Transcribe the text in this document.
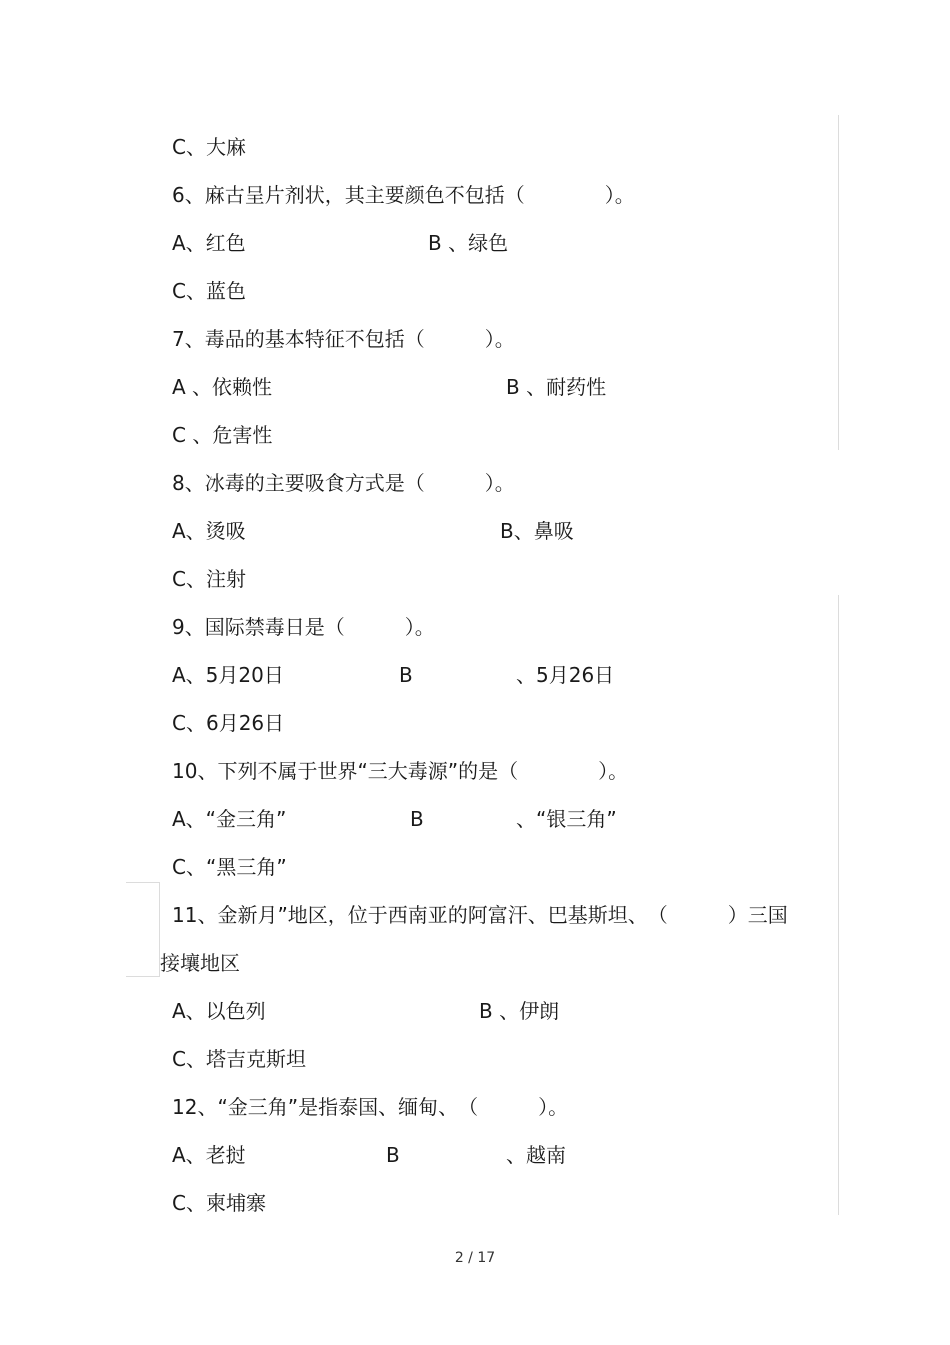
C、大麻
6、麻古呈片剂状，其主要颜色不包括（　　　　）。
A、红色	B 、绿色
C、蓝色
7、毒品的基本特征不包括（　　　）。
A 、依赖性	B 、耐药性
C 、危害性
8、冰毒的主要吸食方式是（　　　）。
A、烫吸	B、鼻吸
C、注射
9、国际禁毒日是（　　　）。
A、5月20日	B	、5月26日
C、6月26日
10、下列不属于世界“三大毒源”的是（　　　　）。
A、“金三角”	B	、“银三角”
C、“黑三角”
11、金新月”地区，位于西南亚的阿富汗、巴基斯坦、　（　　　）三国
接壤地区
A、以色列	B 、伊朗
C、塔吉克斯坦
12、“金三角”是指泰国、缅甸、　（　　　）。
A、老挝	B	、越南
C、柬埔寨
2 / 17
